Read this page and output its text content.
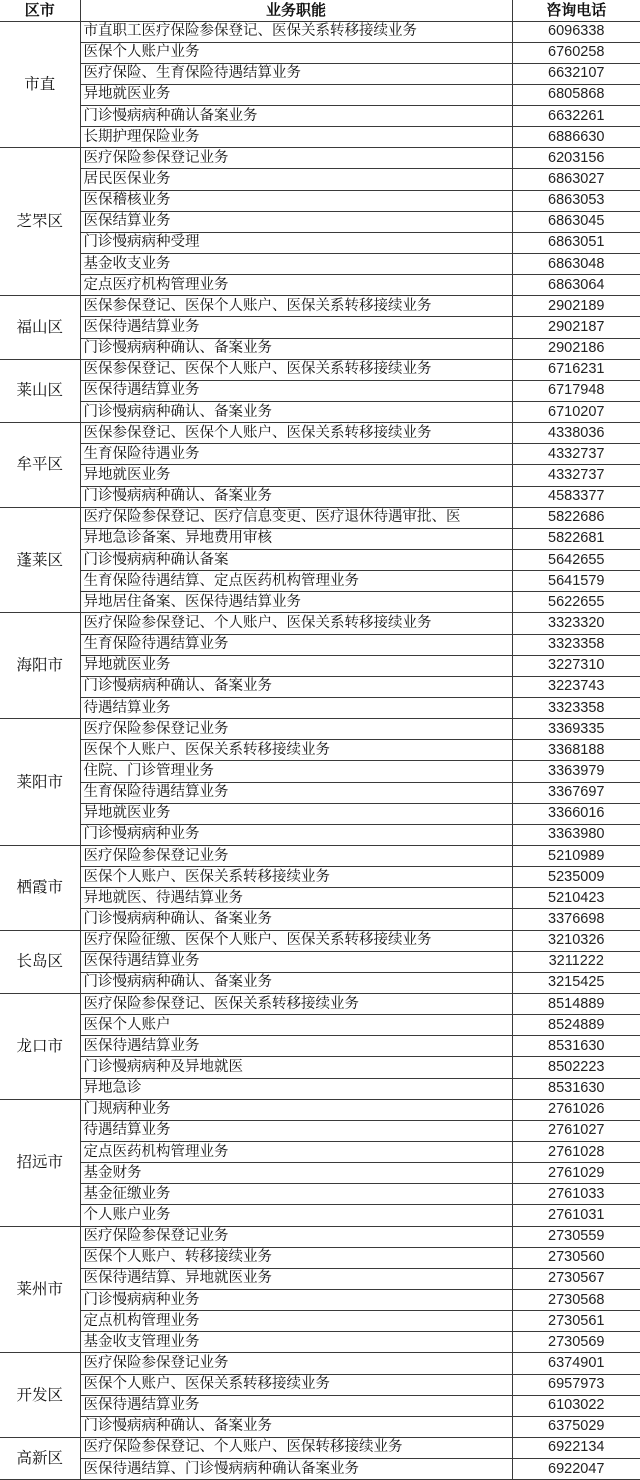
区市	业务职能	咨询电话
市直	市直职工医疗保险参保登记、医保关系转移接续业务	6096338
	医保个人账户业务	6760258
	医疗保险、生育保险待遇结算业务	6632107
	异地就医业务	6805868
	门诊慢病病种确认备案业务	6632261
	长期护理保险业务	6886630
芝罘区	医疗保险参保登记业务	6203156
	居民医保业务	6863027
	医保稽核业务	6863053
	医保结算业务	6863045
	门诊慢病病种受理	6863051
	基金收支业务	6863048
	定点医疗机构管理业务	6863064
福山区	医保参保登记、医保个人账户、医保关系转移接续业务	2902189
	医保待遇结算业务	2902187
	门诊慢病病种确认、备案业务	2902186
莱山区	医保参保登记、医保个人账户、医保关系转移接续业务	6716231
	医保待遇结算业务	6717948
	门诊慢病病种确认、备案业务	6710207
牟平区	医保参保登记、医保个人账户、医保关系转移接续业务	4338036
	生育保险待遇业务	4332737
	异地就医业务	4332737
	门诊慢病病种确认、备案业务	4583377
蓬莱区	医疗保险参保登记、医疗信息变更、医疗退休待遇审批、医	5822686
	异地急诊备案、异地费用审核	5822681
	门诊慢病病种确认备案	5642655
	生育保险待遇结算、定点医药机构管理业务	5641579
	异地居住备案、医保待遇结算业务	5622655
海阳市	医疗保险参保登记、个人账户、医保关系转移接续业务	3323320
	生育保险待遇结算业务	3323358
	异地就医业务	3227310
	门诊慢病病种确认、备案业务	3223743
	待遇结算业务	3323358
莱阳市	医疗保险参保登记业务	3369335
	医保个人账户、医保关系转移接续业务	3368188
	住院、门诊管理业务	3363979
	生育保险待遇结算业务	3367697
	异地就医业务	3366016
	门诊慢病病种业务	3363980
栖霞市	医疗保险参保登记业务	5210989
	医保个人账户、医保关系转移接续业务	5235009
	异地就医、待遇结算业务	5210423
	门诊慢病病种确认、备案业务	3376698
长岛区	医疗保险征缴、医保个人账户、医保关系转移接续业务	3210326
	医保待遇结算业务	3211222
	门诊慢病病种确认、备案业务	3215425
龙口市	医疗保险参保登记、医保关系转移接续业务	8514889
	医保个人账户	8524889
	医保待遇结算业务	8531630
	门诊慢病病种及异地就医	8502223
	异地急诊	8531630
招远市	门规病种业务	2761026
	待遇结算业务	2761027
	定点医药机构管理业务	2761028
	基金财务	2761029
	基金征缴业务	2761033
	个人账户业务	2761031
莱州市	医疗保险参保登记业务	2730559
	医保个人账户、转移接续业务	2730560
	医保待遇结算、异地就医业务	2730567
	门诊慢病病种业务	2730568
	定点机构管理业务	2730561
	基金收支管理业务	2730569
开发区	医疗保险参保登记业务	6374901
	医保个人账户、医保关系转移接续业务	6957973
	医保待遇结算业务	6103022
	门诊慢病病种确认、备案业务	6375029
高新区	医疗保险参保登记、个人账户、医保转移接续业务	6922134
	医保待遇结算、门诊慢病病种确认备案业务	6922047
